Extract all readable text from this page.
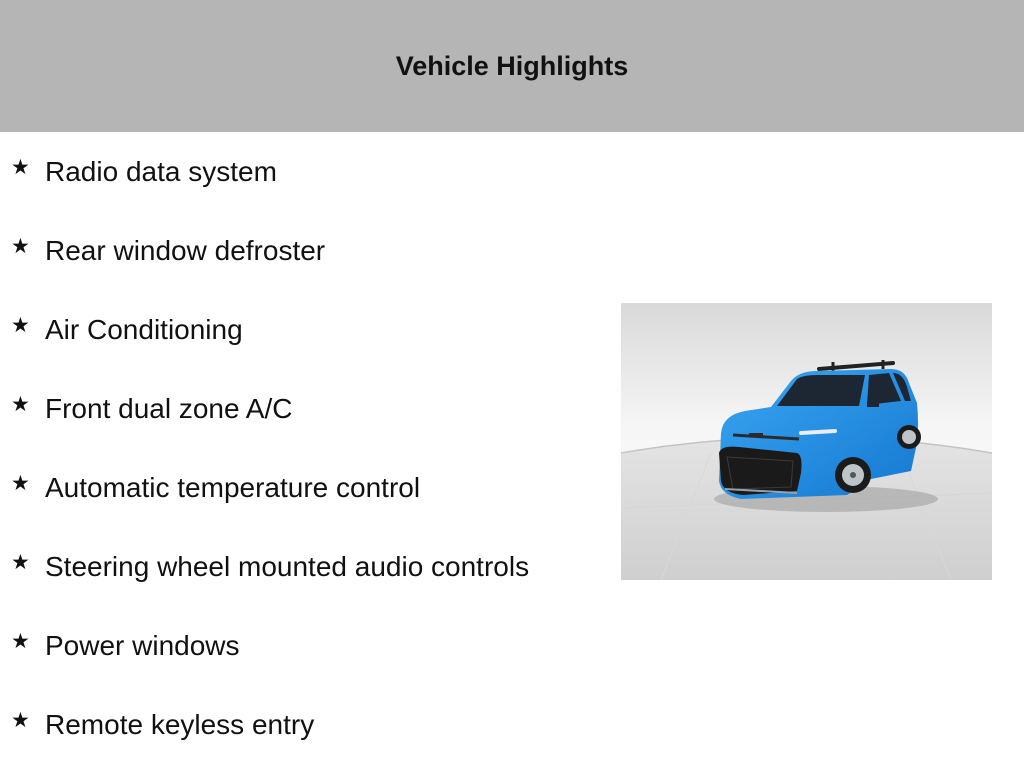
Vehicle Highlights
★ Radio data system
★ Rear window defroster
★ Air Conditioning
★ Front dual zone A/C
★ Automatic temperature control
★ Steering wheel mounted audio controls
★ Power windows
★ Remote keyless entry
